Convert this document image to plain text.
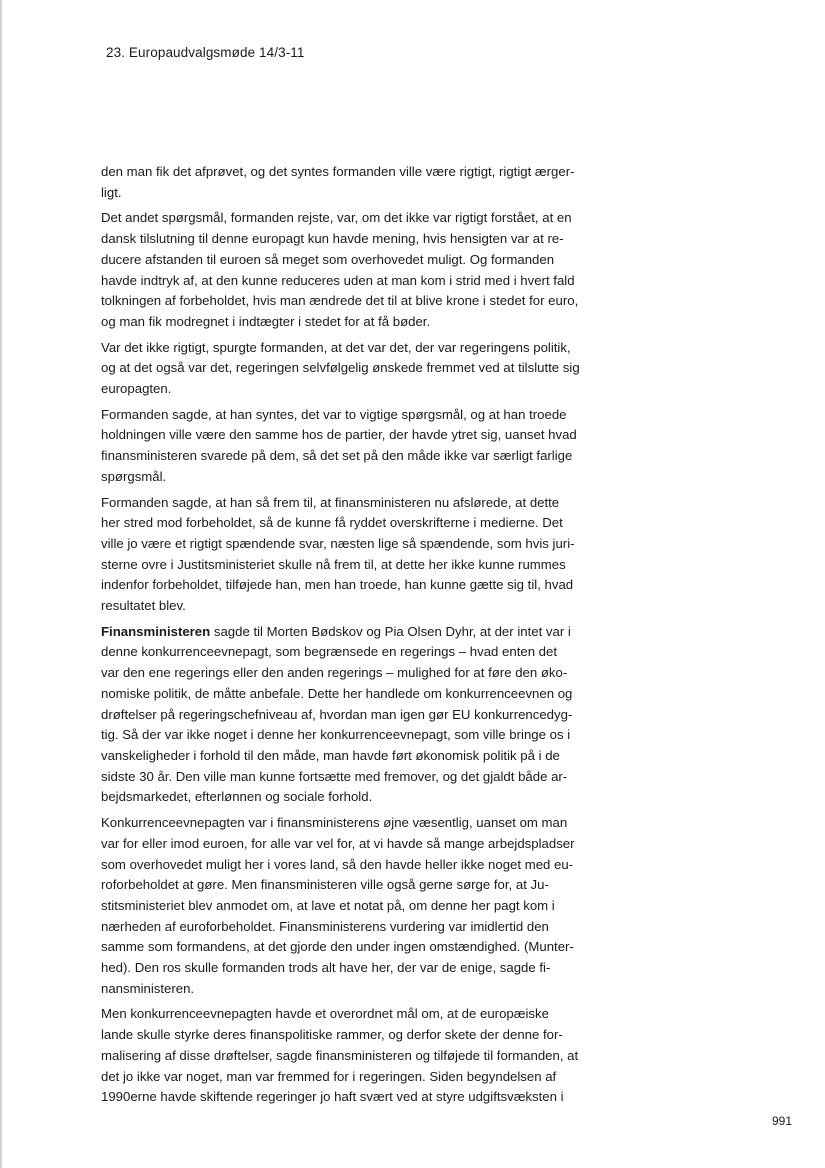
23. Europaudvalgsmøde 14/3-11

den man fik det afprøvet, og det syntes formanden ville være rigtigt, rigtigt ærger-
ligt.

Det andet spørgsmål, formanden rejste, var, om det ikke var rigtigt forstået, at en
dansk tilslutning til denne europagt kun havde mening, hvis hensigten var at re-
ducere afstanden til euroen så meget som overhovedet muligt. Og formanden
havde indtryk af, at den kunne reduceres uden at man kom i strid med i hvert fald
tolkningen af forbeholdet, hvis man ændrede det til at blive krone i stedet for euro,
og man fik modregnet i indtægter i stedet for at få bøder.

Var det ikke rigtigt, spurgte formanden, at det var det, der var regeringens politik,
og at det også var det, regeringen selvfølgelig ønskede fremmet ved at tilslutte sig
europagten.

Formanden sagde, at han syntes, det var to vigtige spørgsmål, og at han troede
holdningen ville være den samme hos de partier, der havde ytret sig, uanset hvad
finansministeren svarede på dem, så det set på den måde ikke var særligt farlige
spørgsmål.

Formanden sagde, at han så frem til, at finansministeren nu afslørede, at dette
her stred mod forbeholdet, så de kunne få ryddet overskrifterne i medierne. Det
ville jo være et rigtigt spændende svar, næsten lige så spændende, som hvis juri-
sterne ovre i Justitsministeriet skulle nå frem til, at dette her ikke kunne rummes
indenfor forbeholdet, tilføjede han, men han troede, han kunne gætte sig til, hvad
resultatet blev.

Finansministeren sagde til Morten Bødskov og Pia Olsen Dyhr, at der intet var i
denne konkurrenceevnepagt, som begrænsede en regerings – hvad enten det
var den ene regerings eller den anden regerings – mulighed for at føre den øko-
nomiske politik, de måtte anbefale. Dette her handlede om konkurrenceevnen og
drøftelser på regeringschefniveau af, hvordan man igen gør EU konkurrencedyg-
tig. Så der var ikke noget i denne her konkurrenceevnepagt, som ville bringe os i
vanskeligheder i forhold til den måde, man havde ført økonomisk politik på i de
sidste 30 år. Den ville man kunne fortsætte med fremover, og det gjaldt både ar-
bejdsmarkedet, efterlønnen og sociale forhold.

Konkurrenceevnepagten var i finansministerens øjne væsentlig, uanset om man
var for eller imod euroen, for alle var vel for, at vi havde så mange arbejdspladser
som overhovedet muligt her i vores land, så den havde heller ikke noget med eu-
roforbeholdet at gøre. Men finansministeren ville også gerne sørge for, at Ju-
stitsministeriet blev anmodet om, at lave et notat på, om denne her pagt kom i
nærheden af euroforbeholdet. Finansministerens vurdering var imidlertid den
samme som formandens, at det gjorde den under ingen omstændighed. (Munter-
hed). Den ros skulle formanden trods alt have her, der var de enige, sagde fi-
nansministeren.

Men konkurrenceevnepagten havde et overordnet mål om, at de europæiske
lande skulle styrke deres finanspolitiske rammer, og derfor skete der denne for-
malisering af disse drøftelser, sagde finansministeren og tilføjede til formanden, at
det jo ikke var noget, man var fremmed for i regeringen. Siden begyndelsen af
1990erne havde skiftende regeringer jo haft svært ved at styre udgiftsvæksten i

991
